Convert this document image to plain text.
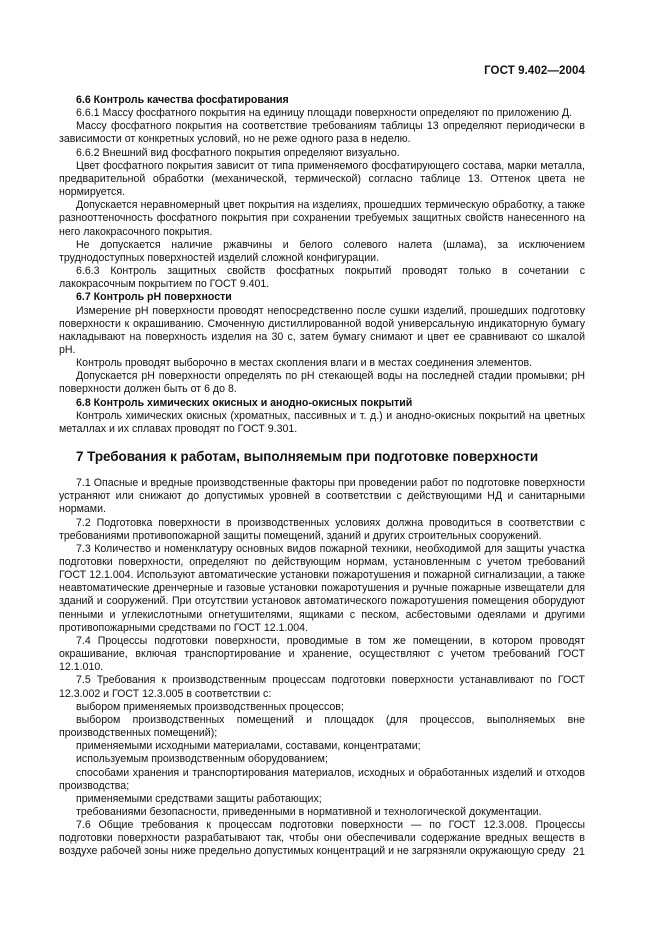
ГОСТ 9.402—2004

6.6 Контроль качества фосфатирования

6.6.1 Массу фосфатного покрытия на единицу площади поверхности определяют по приложению Д.

Массу фосфатного покрытия на соответствие требованиям таблицы 13 определяют периодически в зависимости от конкретных условий, но не реже одного раза в неделю.

6.6.2 Внешний вид фосфатного покрытия определяют визуально.

Цвет фосфатного покрытия зависит от типа применяемого фосфатирующего состава, марки металла, предварительной обработки (механической, термической) согласно таблице 13. Оттенок цвета не нормируется.

Допускается неравномерный цвет покрытия на изделиях, прошедших термическую обработку, а также разнооттеночность фосфатного покрытия при сохранении требуемых защитных свойств нанесенного на него лакокрасочного покрытия.

Не допускается наличие ржавчины и белого солевого налета (шлама), за исключением труднодоступных поверхностей изделий сложной конфигурации.

6.6.3 Контроль защитных свойств фосфатных покрытий проводят только в сочетании с лакокрасочным покрытием по ГОСТ 9.401.

6.7 Контроль pH поверхности

Измерение pH поверхности проводят непосредственно после сушки изделий, прошедших подготовку поверхности к окрашиванию. Смоченную дистиллированной водой универсальную индикаторную бумагу накладывают на поверхность изделия на 30 с, затем бумагу снимают и цвет ее сравнивают со шкалой pH.

Контроль проводят выборочно в местах скопления влаги и в местах соединения элементов.

Допускается pH поверхности определять по pH стекающей воды на последней стадии промывки; pH поверхности должен быть от 6 до 8.

6.8 Контроль химических окисных и анодно-окисных покрытий

Контроль химических окисных (хроматных, пассивных и т. д.) и анодно-окисных покрытий на цветных металлах и их сплавах проводят по ГОСТ 9.301.

7 Требования к работам, выполняемым при подготовке поверхности

7.1 Опасные и вредные производственные факторы при проведении работ по подготовке поверхности устраняют или снижают до допустимых уровней в соответствии с действующими НД и санитарными нормами.

7.2 Подготовка поверхности в производственных условиях должна проводиться в соответствии с требованиями противопожарной защиты помещений, зданий и других строительных сооружений.

7.3 Количество и номенклатуру основных видов пожарной техники, необходимой для защиты участка подготовки поверхности, определяют по действующим нормам, установленным с учетом требований ГОСТ 12.1.004. Используют автоматические установки пожаротушения и пожарной сигнализации, а также неавтоматические дренчерные и газовые установки пожаротушения и ручные пожарные извещатели для зданий и сооружений. При отсутствии установок автоматического пожаротушения помещения оборудуют пенными и углекислотными огнетушителями, ящиками с песком, асбестовыми одеялами и другими противопожарными средствами по ГОСТ 12.1.004.

7.4 Процессы подготовки поверхности, проводимые в том же помещении, в котором проводят окрашивание, включая транспортирование и хранение, осуществляют с учетом требований ГОСТ 12.1.010.

7.5 Требования к производственным процессам подготовки поверхности устанавливают по ГОСТ 12.3.002 и ГОСТ 12.3.005 в соответствии с:

выбором применяемых производственных процессов;

выбором производственных помещений и площадок (для процессов, выполняемых вне производственных помещений);

применяемыми исходными материалами, составами, концентратами;

используемым производственным оборудованием;

способами хранения и транспортирования материалов, исходных и обработанных изделий и отходов производства;

применяемыми средствами защиты работающих;

требованиями безопасности, приведенными в нормативной и технологической документации.

7.6 Общие требования к процессам подготовки поверхности — по ГОСТ 12.3.008. Процессы подготовки поверхности разрабатывают так, чтобы они обеспечивали содержание вредных веществ в воздухе рабочей зоны ниже предельно допустимых концентраций и не загрязняли окружающую среду 21
